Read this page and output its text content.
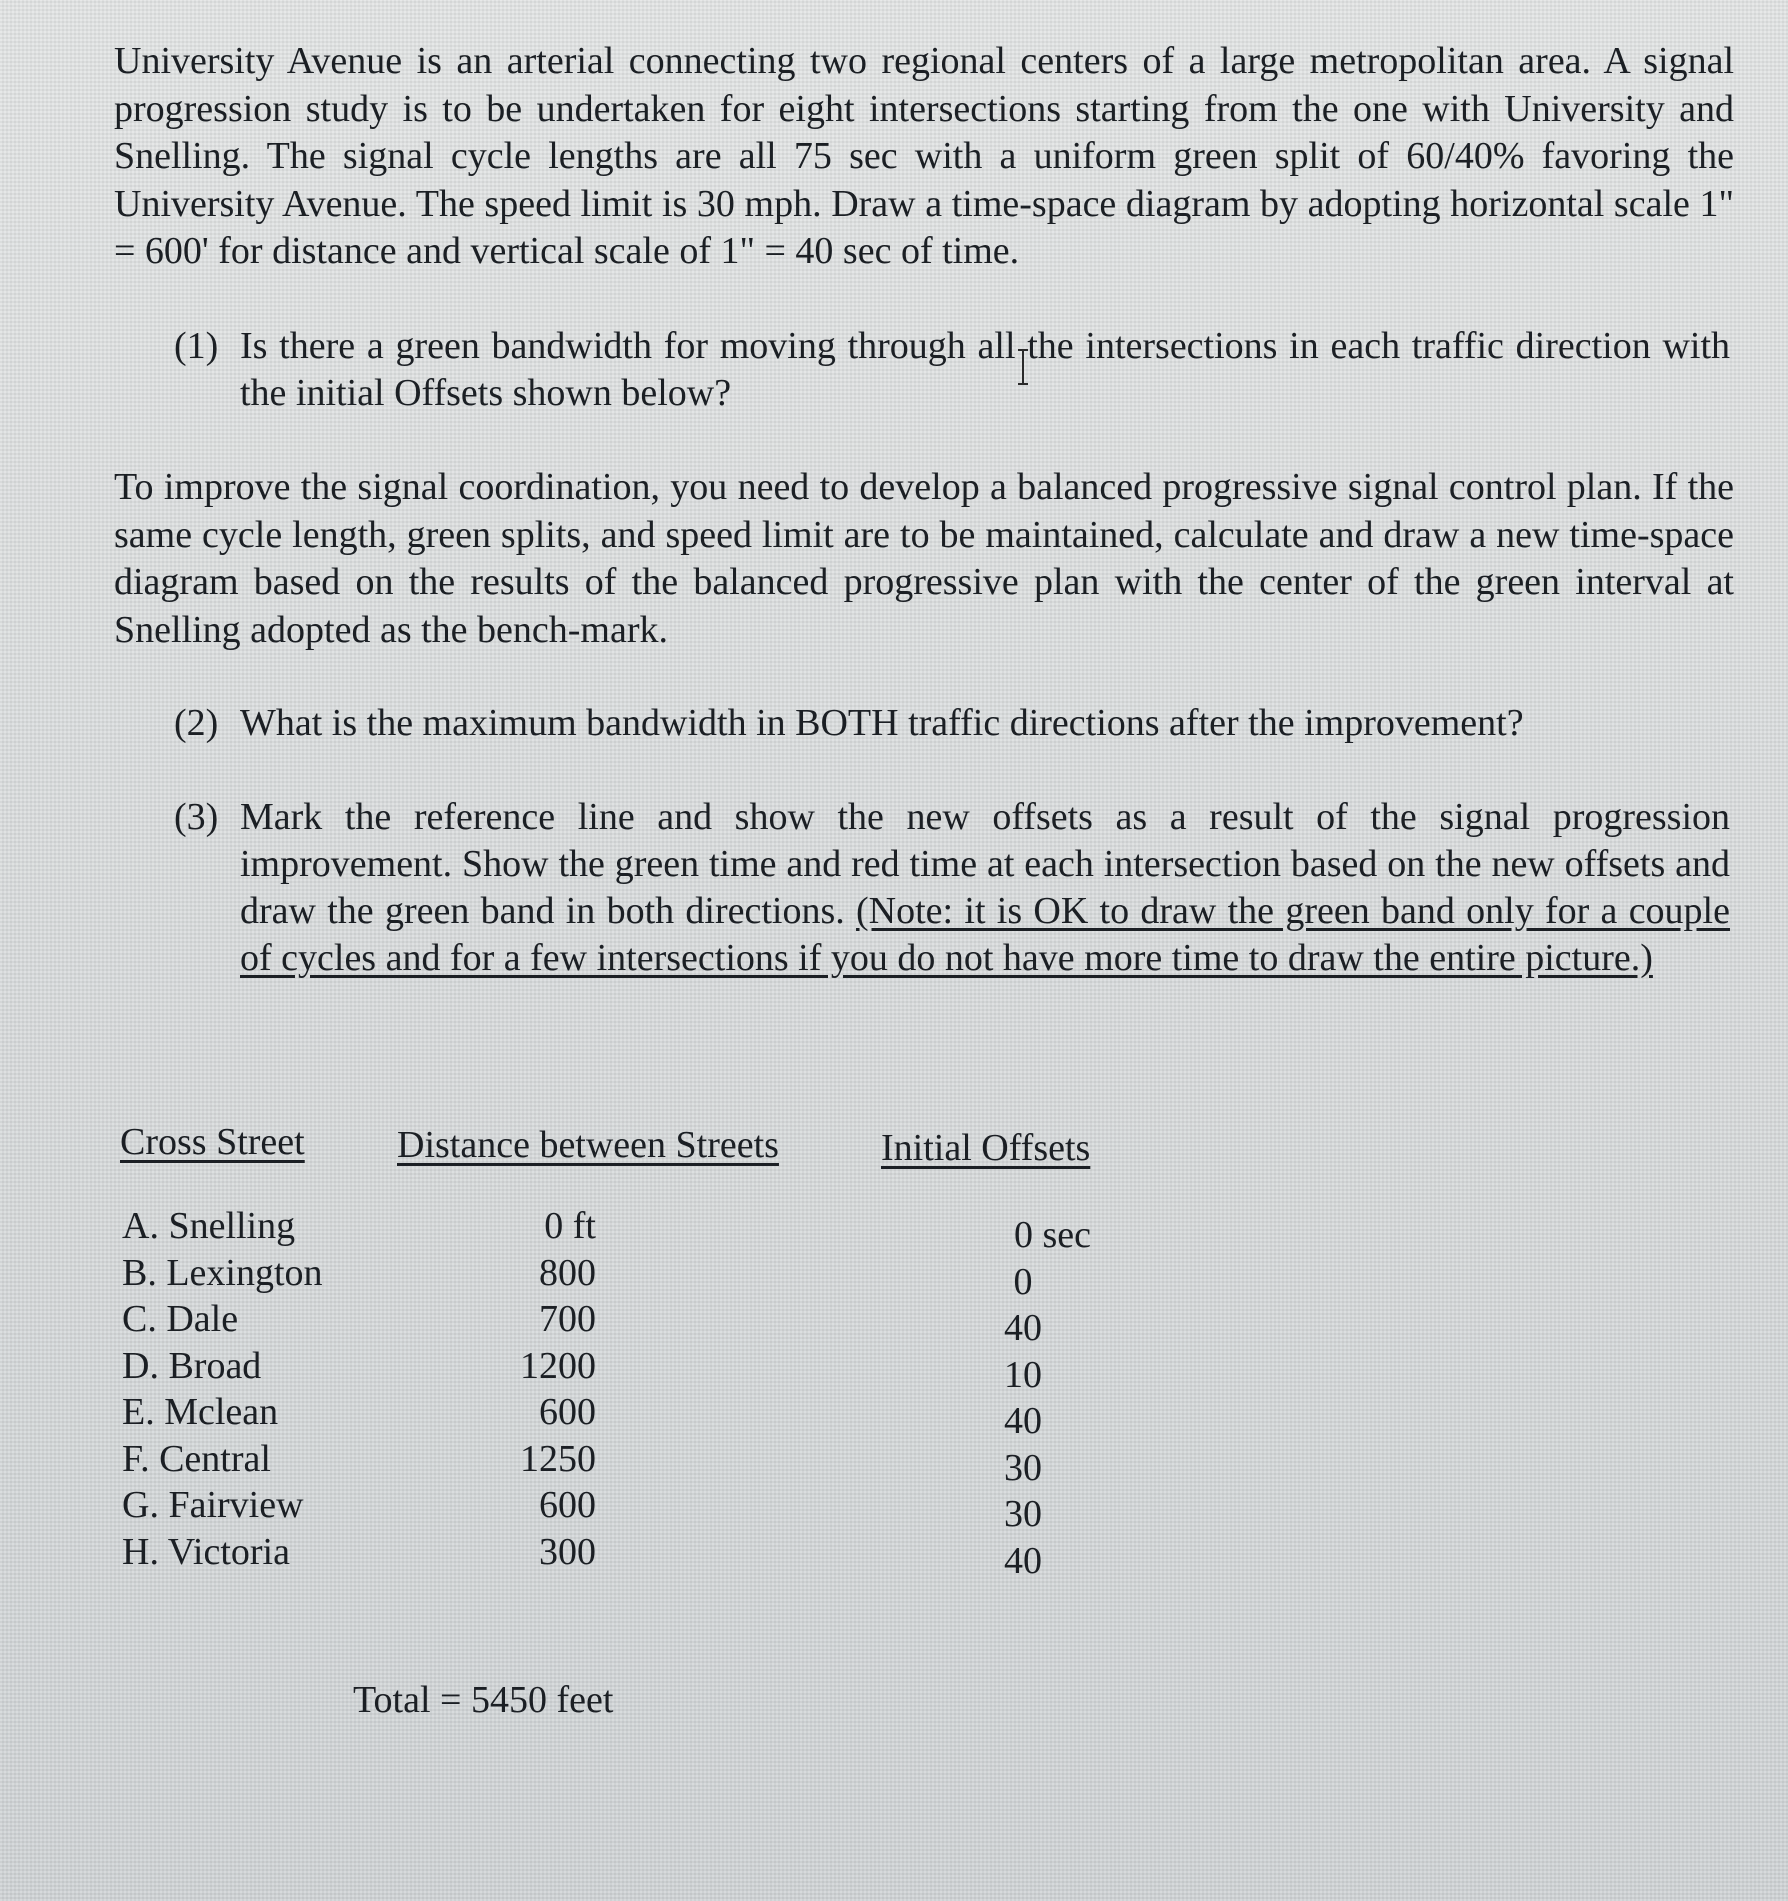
University Avenue is an arterial connecting two regional centers of a large metropolitan area. A signal progression study is to be undertaken for eight intersections starting from the one with University and Snelling. The signal cycle lengths are all 75 sec with a uniform green split of 60/40% favoring the University Avenue. The speed limit is 30 mph. Draw a time-space diagram by adopting horizontal scale 1" = 600' for distance and vertical scale of 1" = 40 sec of time.

(1) Is there a green bandwidth for moving through all the intersections in each traffic direction with the initial Offsets shown below?

To improve the signal coordination, you need to develop a balanced progressive signal control plan. If the same cycle length, green splits, and speed limit are to be maintained, calculate and draw a new time-space diagram based on the results of the balanced progressive plan with the center of the green interval at Snelling adopted as the bench-mark.

(2) What is the maximum bandwidth in BOTH traffic directions after the improvement?
(3) Mark the reference line and show the new offsets as a result of the signal progression improvement. Show the green time and red time at each intersection based on the new offsets and draw the green band in both directions. (Note: it is OK to draw the green band only for a couple of cycles and for a few intersections if you do not have more time to draw the entire picture.)
Cross Street Distance between Streets	Initial Offsets
A. Snelling
B. Lexington
C. Dale
D. Broad
E. Mclean
F. Central
G. Fairview
H. Victoria
0 ft
800
700
1200
600
1250
600
300
0 sec
0
40
10
40
30
30
40
Total = 5450 feet
